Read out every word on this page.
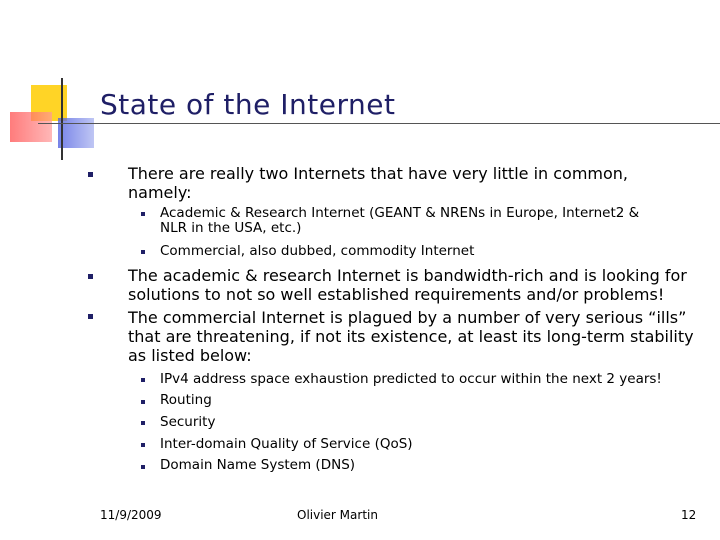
State of the Internet
There are really two Internets that have very little in common,
namely:
Academic & Research Internet (GEANT & NRENs in Europe, Internet2 &
NLR in the USA, etc.)
Commercial, also dubbed, commodity Internet
The academic & research Internet is bandwidth-rich and is looking for
solutions to not so well established requirements and/or problems!
The commercial Internet is plagued by a number of very serious “ills”
that are threatening, if not its existence, at least its long-term stability
as listed below:
IPv4 address space exhaustion predicted to occur within the next 2 years!
Routing
Security
Inter-domain Quality of Service (QoS)
Domain Name System (DNS)
11/9/2009	Olivier Martin	12
